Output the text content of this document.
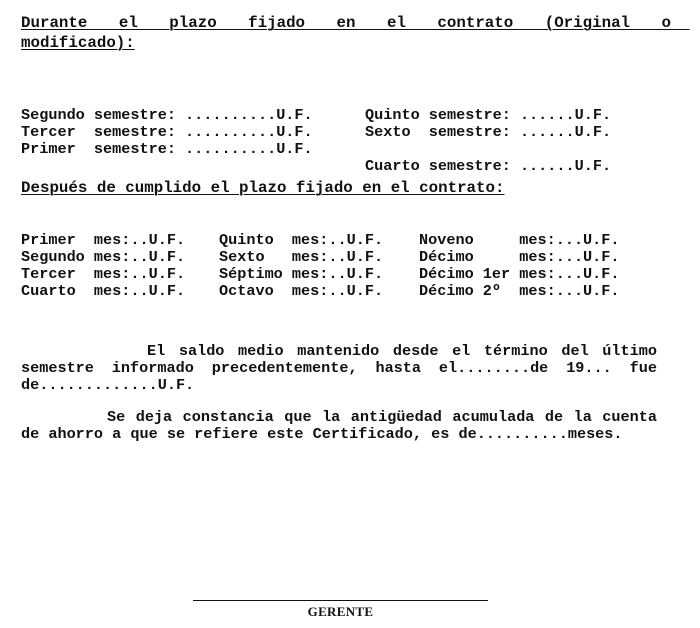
Durante el plazo fijado en el contrato (Original o modificado):

Primer  semestre: ..........U.F.

Cuarto semestre: ......U.F.

Segundo semestre: ..........U.F.

	Quinto semestre: ......U.F.

Tercer  semestre: ..........U.F.

	Sexto  semestre: ......U.F.

Después de cumplido el plazo fijado en el contrato:

Primer  mes:..U.F.

Quinto  mes:..U.F.

Noveno     mes:...U.F.

Segundo mes:..U.F.

Sexto   mes:..U.F.

Décimo     mes:...U.F.

Tercer  mes:..U.F.

Séptimo mes:..U.F.

Décimo 1er mes:...U.F.

Cuarto  mes:..U.F.

Octavo  mes:..U.F.

Décimo 2º  mes:...U.F.

El saldo medio mantenido desde el término del último semestre informado precedentemente, hasta el........de 19... fue de.............U.F.
Se deja constancia que la antigüedad acumulada de la cuenta de ahorro a que se refiere este Certificado, es de..........meses.
GERENTE
